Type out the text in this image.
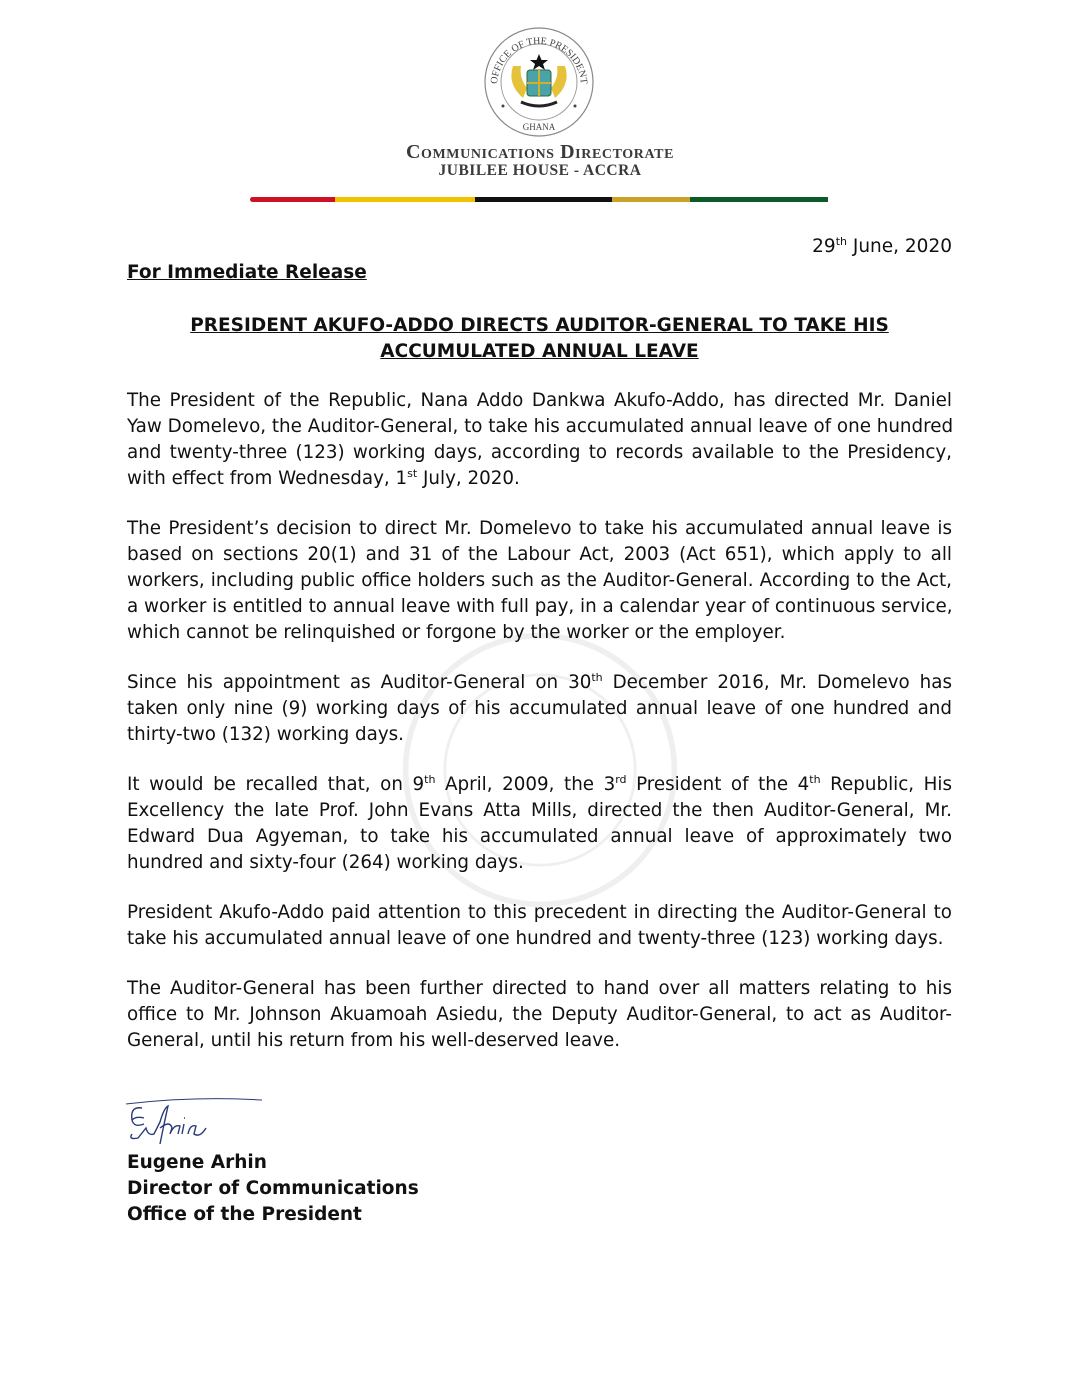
OFFICE OF THE PRESIDENT
GHANA
Communications Directorate
JUBILEE HOUSE - ACCRA
29th June, 2020
For Immediate Release
PRESIDENT AKUFO-ADDO DIRECTS AUDITOR-GENERAL TO TAKE HIS
ACCUMULATED ANNUAL LEAVE
The President of the Republic, Nana Addo Dankwa Akufo-Addo, has directed Mr. Daniel
Yaw Domelevo, the Auditor-General, to take his accumulated annual leave of one hundred
and twenty-three (123) working days, according to records available to the Presidency,
with effect from Wednesday, 1st July, 2020.
The President’s decision to direct Mr. Domelevo to take his accumulated annual leave is
based on sections 20(1) and 31 of the Labour Act, 2003 (Act 651), which apply to all
workers, including public office holders such as the Auditor-General. According to the Act,
a worker is entitled to annual leave with full pay, in a calendar year of continuous service,
which cannot be relinquished or forgone by the worker or the employer.
Since his appointment as Auditor-General on 30th December 2016, Mr. Domelevo has
taken only nine (9) working days of his accumulated annual leave of one hundred and
thirty-two (132) working days.
It would be recalled that, on 9th April, 2009, the 3rd President of the 4th Republic, His
Excellency the late Prof. John Evans Atta Mills, directed the then Auditor-General, Mr.
Edward Dua Agyeman, to take his accumulated annual leave of approximately two
hundred and sixty-four (264) working days.
President Akufo-Addo paid attention to this precedent in directing the Auditor-General to
take his accumulated annual leave of one hundred and twenty-three (123) working days.
The Auditor-General has been further directed to hand over all matters relating to his
office to Mr. Johnson Akuamoah Asiedu, the Deputy Auditor-General, to act as Auditor-
General, until his return from his well-deserved leave.
Eugene Arhin
Director of Communications
Office of the President
